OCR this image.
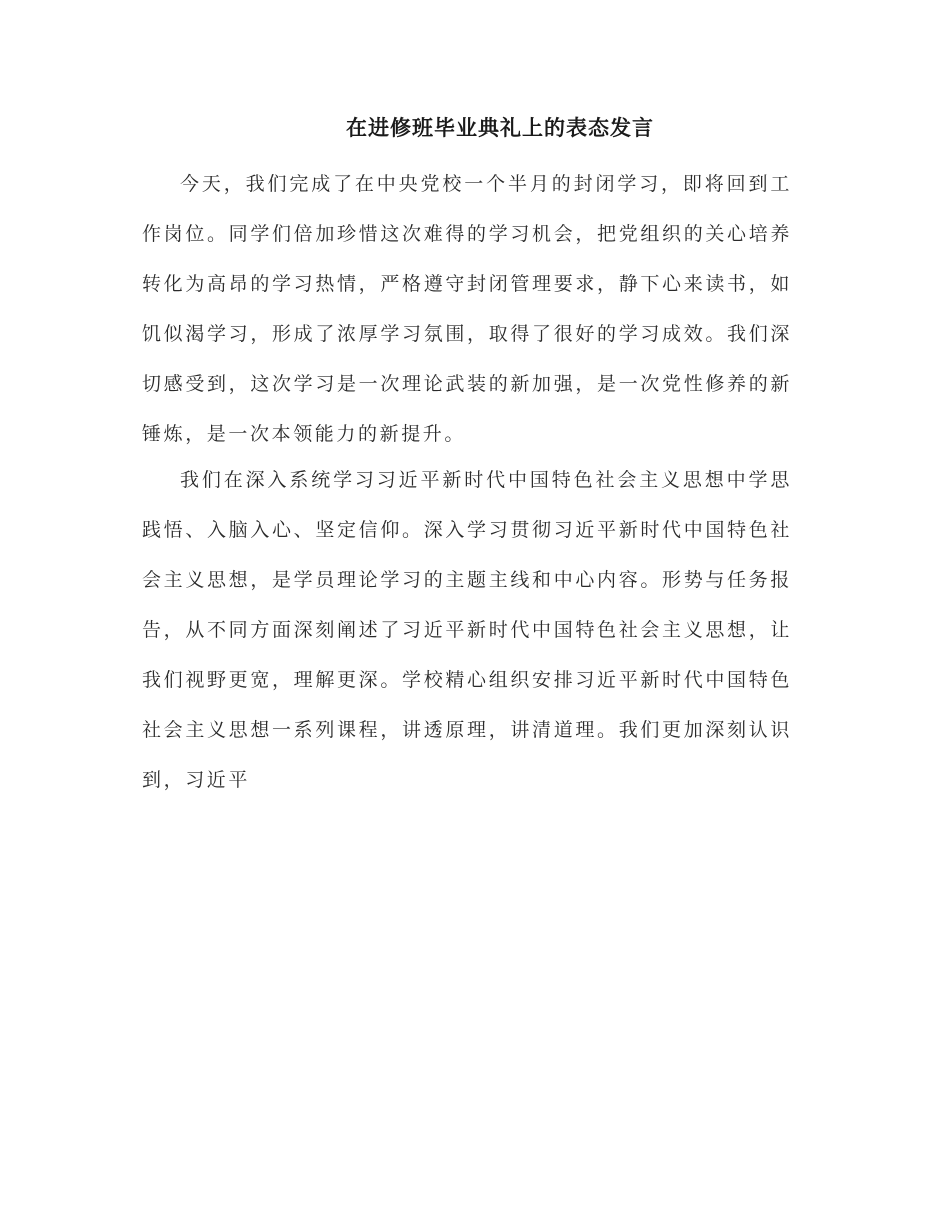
在进修班毕业典礼上的表态发言

今天，我们完成了在中央党校一个半月的封闭学习，即将回到工作岗位。同学们倍加珍惜这次难得的学习机会，把党组织的关心培养转化为高昂的学习热情，严格遵守封闭管理要求，静下心来读书，如饥似渴学习，形成了浓厚学习氛围，取得了很好的学习成效。我们深切感受到，这次学习是一次理论武装的新加强，是一次党性修养的新锤炼，是一次本领能力的新提升。

我们在深入系统学习习近平新时代中国特色社会主义思想中学思践悟、入脑入心、坚定信仰。深入学习贯彻习近平新时代中国特色社会主义思想，是学员理论学习的主题主线和中心内容。形势与任务报告，从不同方面深刻阐述了习近平新时代中国特色社会主义思想，让我们视野更宽，理解更深。学校精心组织安排习近平新时代中国特色社会主义思想一系列课程，讲透原理，讲清道理。我们更加深刻认识到，习近平
